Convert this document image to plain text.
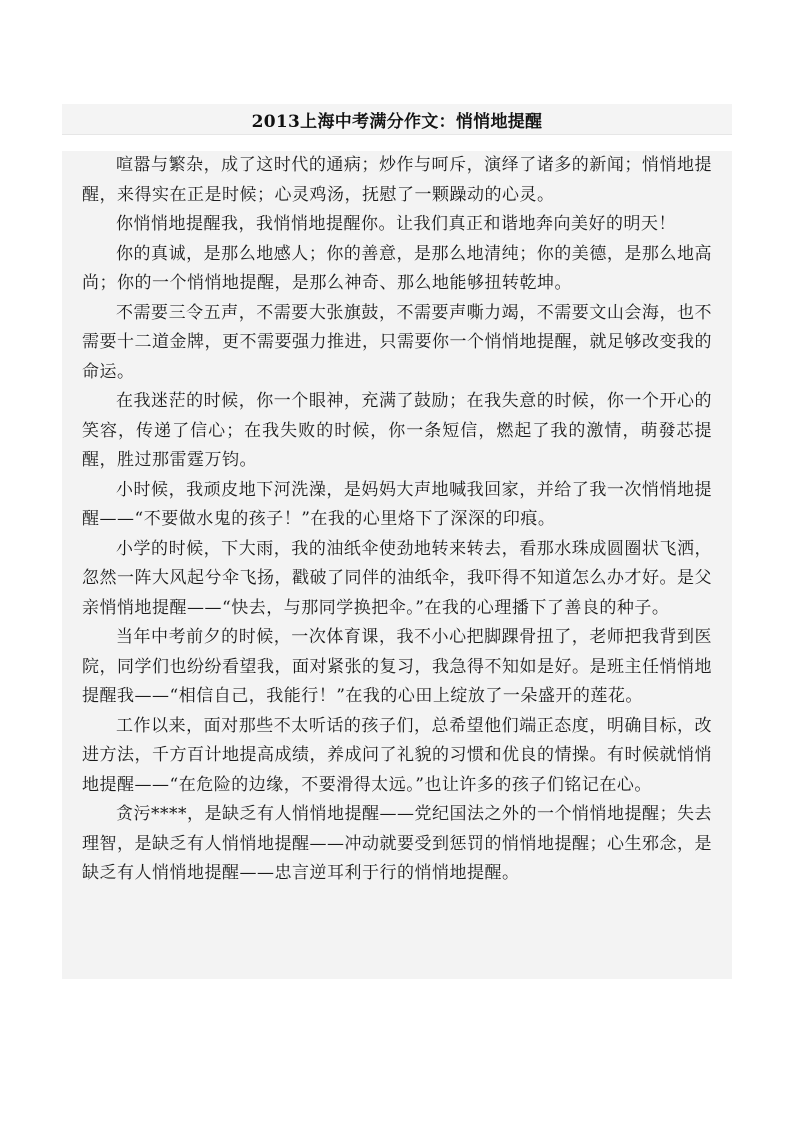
2013上海中考满分作文：悄悄地提醒

喧嚣与繁杂，成了这时代的通病；炒作与呵斥，演绎了诸多的新闻；悄悄地提醒，来得实在正是时候；心灵鸡汤，抚慰了一颗躁动的心灵。

你悄悄地提醒我，我悄悄地提醒你。让我们真正和谐地奔向美好的明天！

你的真诚，是那么地感人；你的善意，是那么地清纯；你的美德，是那么地高尚；你的一个悄悄地提醒，是那么神奇、那么地能够扭转乾坤。

不需要三令五声，不需要大张旗鼓，不需要声嘶力竭，不需要文山会海，也不需要十二道金牌，更不需要强力推进，只需要你一个悄悄地提醒，就足够改变我的命运。

在我迷茫的时候，你一个眼神，充满了鼓励；在我失意的时候，你一个开心的笑容，传递了信心；在我失败的时候，你一条短信，燃起了我的激情，萌發芯提醒，胜过那雷霆万钧。

小时候，我顽皮地下河洗澡，是妈妈大声地喊我回家，并给了我一次悄悄地提醒——“不要做水鬼的孩子！”在我的心里烙下了深深的印痕。

小学的时候，下大雨，我的油纸伞使劲地转来转去，看那水珠成圆圈状飞洒，忽然一阵大风起兮伞飞扬，戳破了同伴的油纸伞，我吓得不知道怎么办才好。是父亲悄悄地提醒——“快去，与那同学换把伞。”在我的心理播下了善良的种子。

当年中考前夕的时候，一次体育课，我不小心把脚踝骨扭了，老师把我背到医院，同学们也纷纷看望我，面对紧张的复习，我急得不知如是好。是班主任悄悄地提醒我——“相信自己，我能行！”在我的心田上绽放了一朵盛开的莲花。

工作以来，面对那些不太听话的孩子们，总希望他们端正态度，明确目标，改进方法，千方百计地提高成绩，养成问了礼貌的习惯和优良的情操。有时候就悄悄地提醒——“在危险的边缘，不要滑得太远。”也让许多的孩子们铭记在心。

贪污****，是缺乏有人悄悄地提醒——党纪国法之外的一个悄悄地提醒；失去理智，是缺乏有人悄悄地提醒——冲动就要受到惩罚的悄悄地提醒；心生邪念，是缺乏有人悄悄地提醒——忠言逆耳利于行的悄悄地提醒。
